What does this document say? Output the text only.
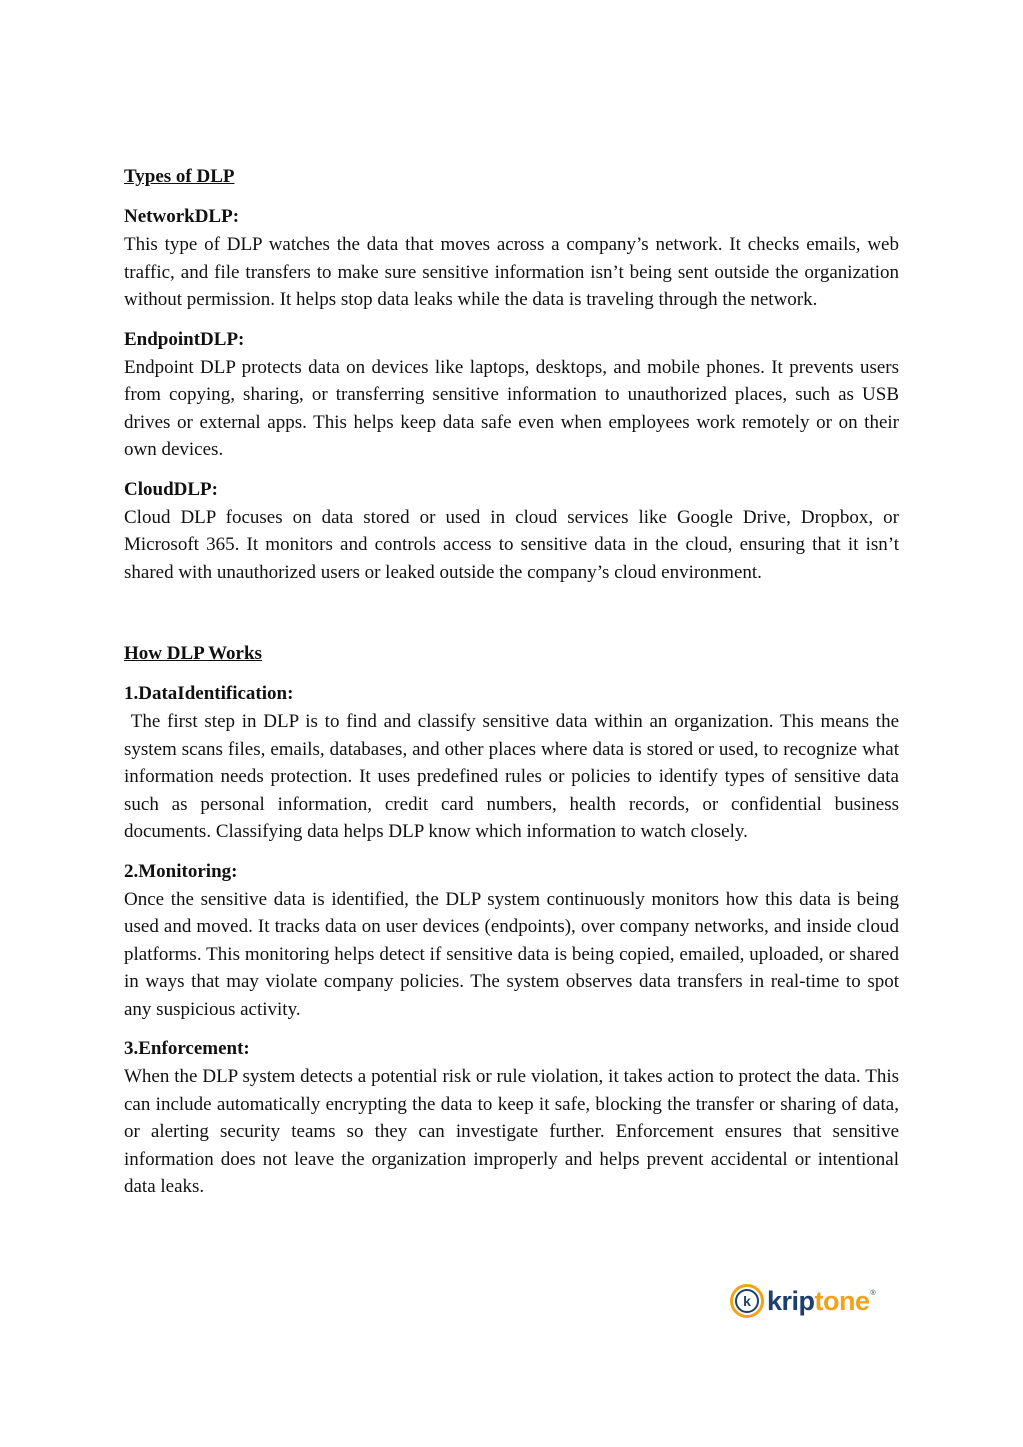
Types of DLP

NetworkDLP:

This type of DLP watches the data that moves across a company’s network. It checks emails, web traffic, and file transfers to make sure sensitive information isn’t being sent outside the organization without permission. It helps stop data leaks while the data is traveling through the network.

EndpointDLP:

Endpoint DLP protects data on devices like laptops, desktops, and mobile phones. It prevents users from copying, sharing, or transferring sensitive information to unauthorized places, such as USB drives or external apps. This helps keep data safe even when employees work remotely or on their own devices.

CloudDLP:

Cloud DLP focuses on data stored or used in cloud services like Google Drive, Dropbox, or Microsoft 365. It monitors and controls access to sensitive data in the cloud, ensuring that it isn’t shared with unauthorized users or leaked outside the company’s cloud environment.

How DLP Works

1.DataIdentification:

The first step in DLP is to find and classify sensitive data within an organization. This means the system scans files, emails, databases, and other places where data is stored or used, to recognize what information needs protection. It uses predefined rules or policies to identify types of sensitive data such as personal information, credit card numbers, health records, or confidential business documents. Classifying data helps DLP know which information to watch closely.

2.Monitoring:

Once the sensitive data is identified, the DLP system continuously monitors how this data is being used and moved. It tracks data on user devices (endpoints), over company networks, and inside cloud platforms. This monitoring helps detect if sensitive data is being copied, emailed, uploaded, or shared in ways that may violate company policies. The system observes data transfers in real-time to spot any suspicious activity.

3.Enforcement:

When the DLP system detects a potential risk or rule violation, it takes action to protect the data. This can include automatically encrypting the data to keep it safe, blocking the transfer or sharing of data, or alerting security teams so they can investigate further. Enforcement ensures that sensitive information does not leave the organization improperly and helps prevent accidental or intentional data leaks.

k kriptone ®
